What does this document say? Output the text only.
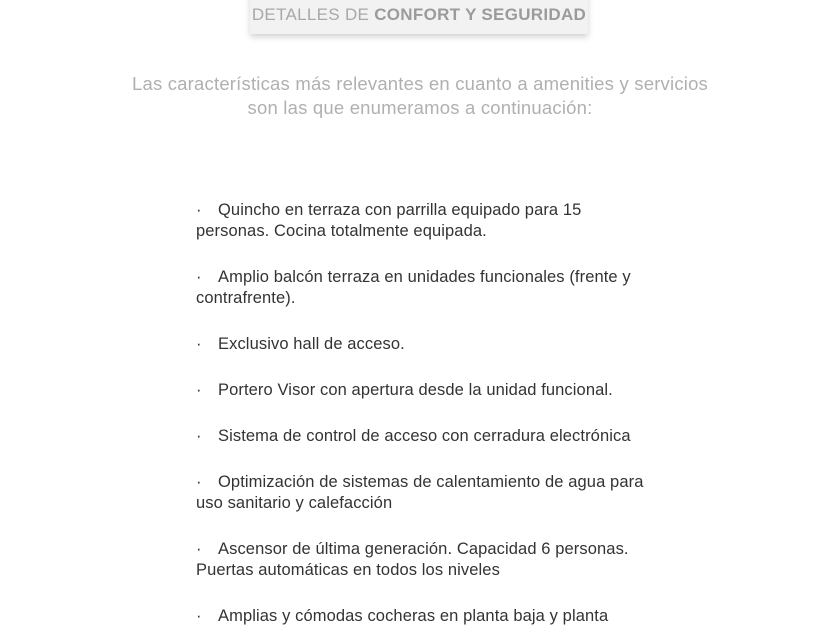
DETALLES DE CONFORT Y SEGURIDAD
Las características más relevantes en cuanto a amenities y servicios son las que enumeramos a continuación:
· Quincho en terraza con parrilla equipado para 15 personas. Cocina totalmente equipada.
· Amplio balcón terraza en unidades funcionales (frente y contrafrente).
· Exclusivo hall de acceso.
· Portero Visor con apertura desde la unidad funcional.
· Sistema de control de acceso con cerradura electrónica
· Optimización de sistemas de calentamiento de agua para uso sanitario y calefacción
· Ascensor de última generación. Capacidad 6 personas. Puertas automáticas en todos los niveles
· Amplias y cómodas cocheras en planta baja y planta
